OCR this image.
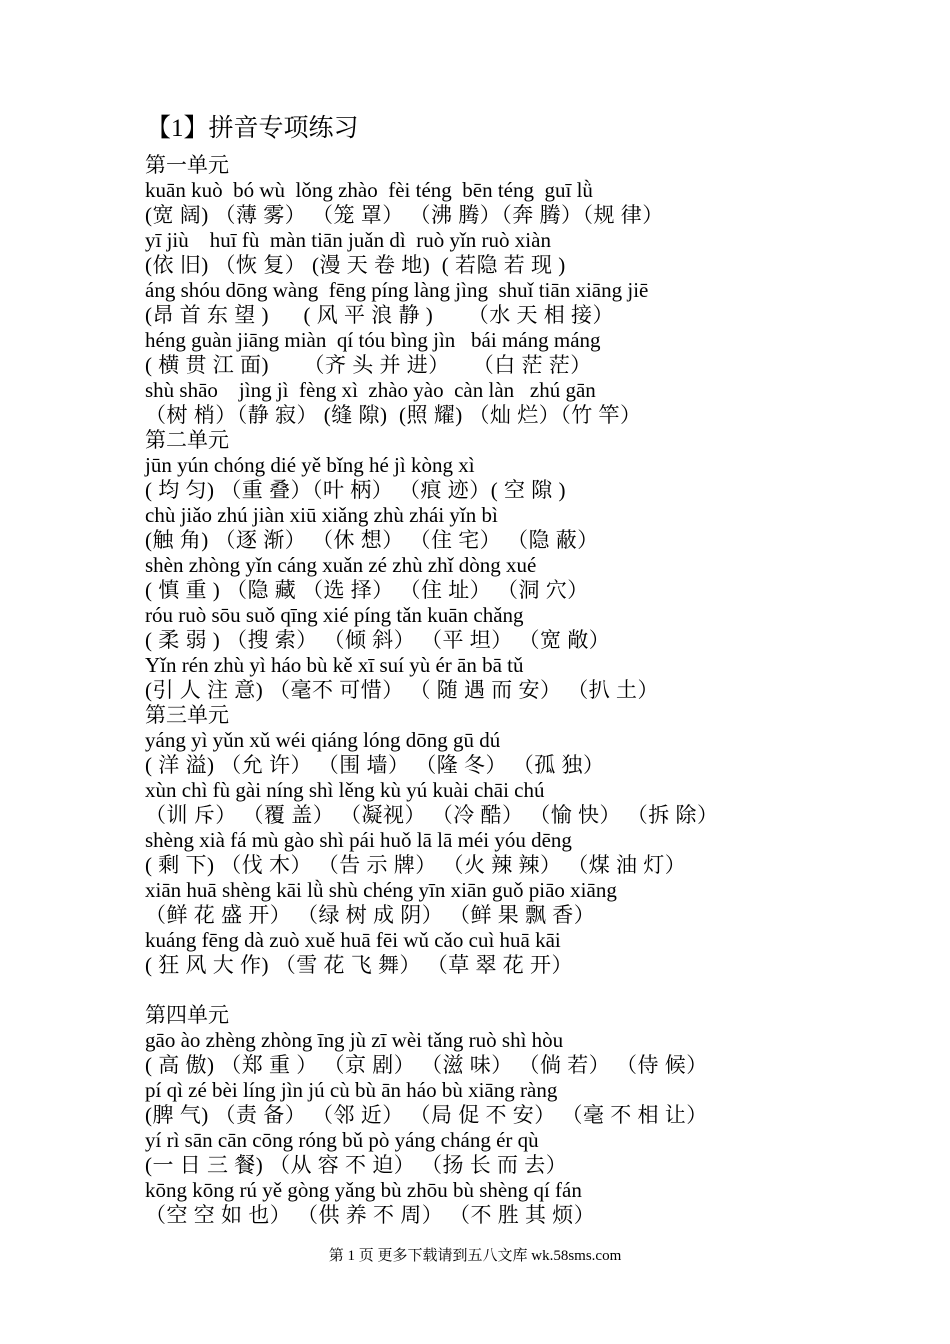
【1】拼音专项练习
第一单元
kuān kuò  bó wù  lǒng zhào  fèi téng  bēn téng  guī lǜ
(宽 阔) （薄 雾） （笼 罩） （沸 腾）（奔 腾）（规 律）
yī jiù    huī fù  màn tiān juǎn dì  ruò yǐn ruò xiàn
(依 旧) （恢 复） (漫 天 卷 地)  ( 若隐 若 现 )
áng shóu dōng wàng  fēng píng làng jìng  shuǐ tiān xiāng jiē
(昂 首 东 望 )      ( 风 平 浪 静 )      （水 天 相 接）
héng guàn jiāng miàn  qí tóu bìng jìn   bái máng máng
( 横 贯 江 面)      （齐 头 并 进）    （白 茫 茫）
shù shāo    jìng jì  fèng xì  zhào yào  càn làn   zhú gān
（树 梢）（静 寂） (缝 隙)  (照 耀) （灿 烂）（竹 竿）
第二单元
jūn yún chóng dié yě bǐng hé jì kòng xì
( 均 匀) （重 叠）（叶 柄） （痕 迹）( 空 隙 )
chù jiǎo zhú jiàn xiū xiǎng zhù zhái yǐn bì
(触 角) （逐 渐） （休 想） （住 宅） （隐 蔽）
shèn zhòng yǐn cáng xuǎn zé zhù zhǐ dòng xué
( 慎 重 ) （隐 藏 （选 择） （住 址） （洞 穴）
róu ruò sōu suǒ qīng xié píng tǎn kuān chǎng
( 柔 弱 ) （搜 索） （倾 斜） （平 坦） （宽 敞）
Yǐn rén zhù yì háo bù kě xī suí yù ér ān bā tǔ
(引 人 注 意) （毫不 可惜） （ 随 遇 而 安） （扒 土）
第三单元
yáng yì yǔn xǔ wéi qiáng lóng dōng gū dú
( 洋 溢) （允 许） （围 墙） （隆 冬） （孤 独）
xùn chì fù gài níng shì lěng kù yú kuài chāi chú
（训 斥） （覆 盖） （凝视） （冷 酷） （愉 快） （拆 除）
shèng xià fá mù gào shì pái huǒ lā lā méi yóu dēng
( 剩 下) （伐 木） （告 示 牌） （火 辣 辣） （煤 油 灯）
xiān huā shèng kāi lǜ shù chéng yīn xiān guǒ piāo xiāng
（鲜 花 盛 开） （绿 树 成 阴） （鲜 果 飘 香）
kuáng fēng dà zuò xuě huā fēi wǔ cǎo cuì huā kāi
( 狂 风 大 作) （雪 花 飞 舞） （草 翠 花 开）
第四单元
gāo ào zhèng zhòng īng jù zī wèi tǎng ruò shì hòu
( 高 傲) （郑 重 ） （京 剧） （滋 味） （倘 若） （侍 候）
pí qì zé bèi líng jìn jú cù bù ān háo bù xiāng ràng
(脾 气) （责 备） （邻 近） （局 促 不 安） （毫 不 相 让）
yí rì sān cān cōng róng bǔ pò yáng cháng ér qù
(一 日 三 餐) （从 容 不 迫） （扬 长 而 去）
kōng kōng rú yě gòng yǎng bù zhōu bù shèng qí fán
（空 空 如 也） （供 养 不 周） （不 胜 其 烦）
第 1 页 更多下载请到五八文库 wk.58sms.com
